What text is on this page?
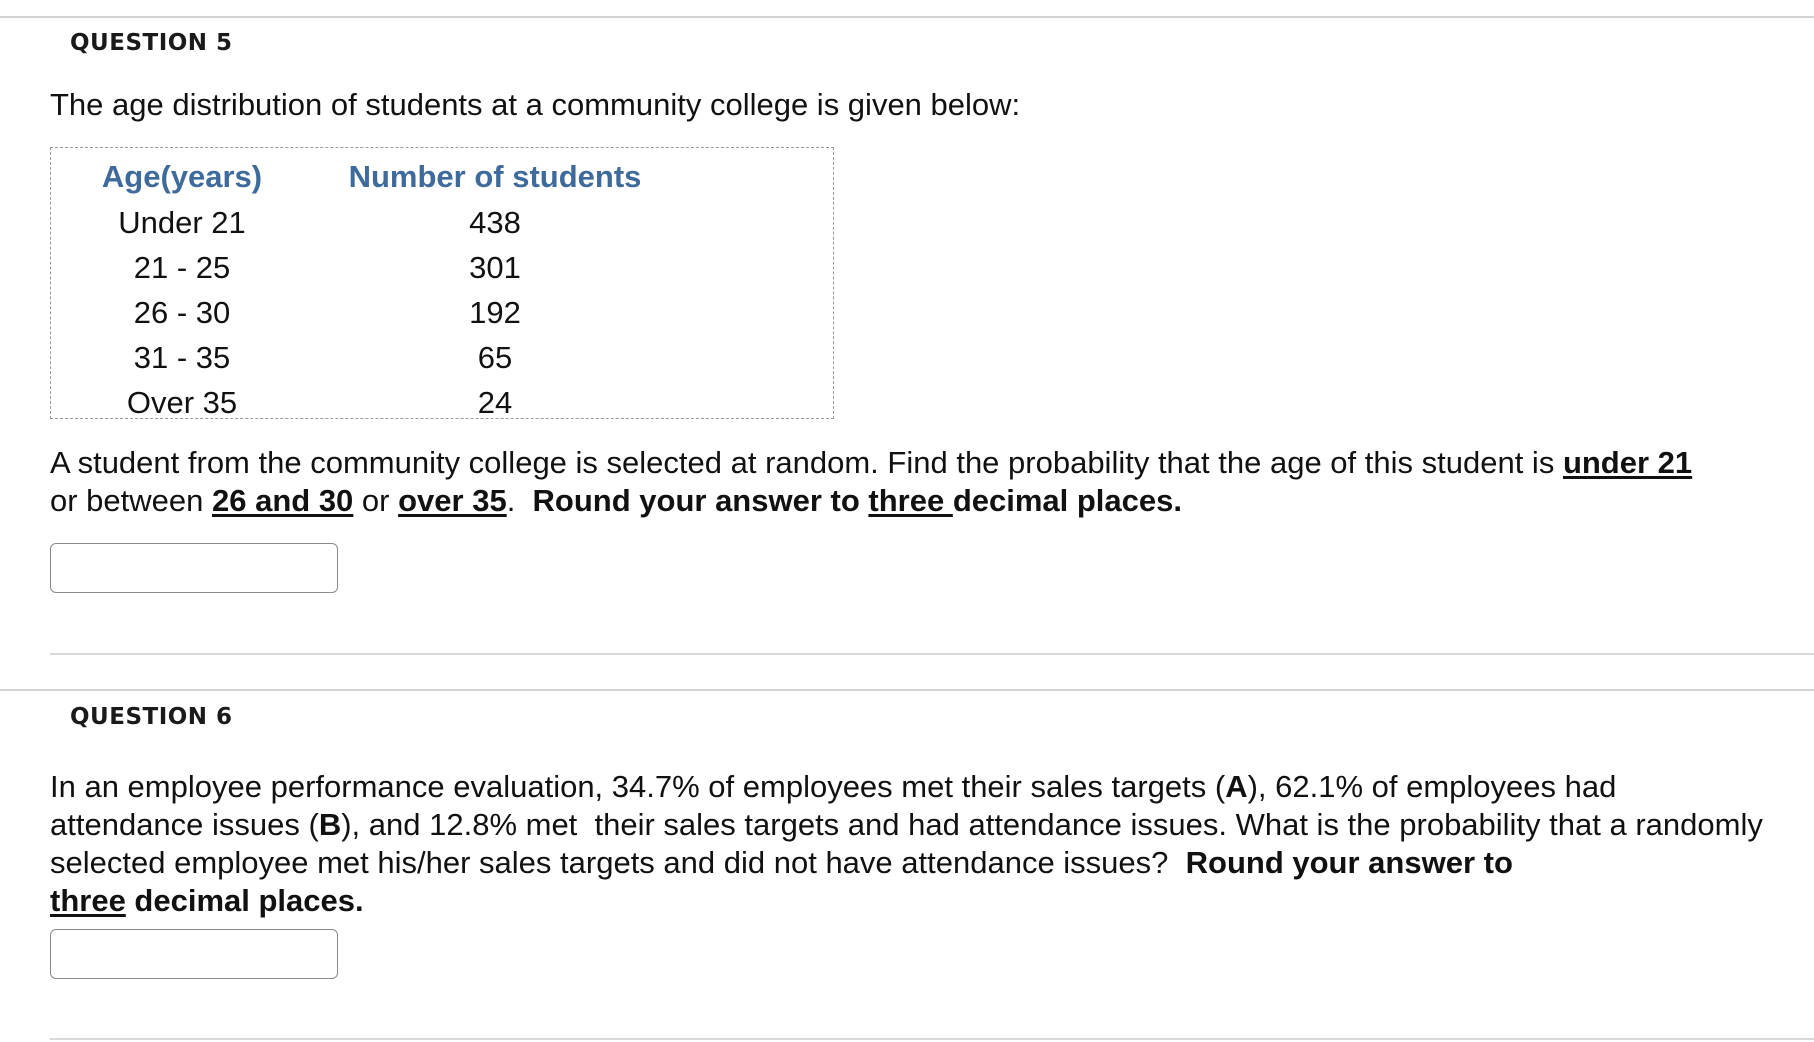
QUESTION 5
The age distribution of students at a community college is given below:
Age(years)	Number of students
Under 21	438
21 - 25	301
26 - 30	192
31 - 35	65
Over 35	24
A student from the community college is selected at random. Find the probability that the age of this student is under 21
or between 26 and 30 or over 35.  Round your answer to three decimal places.
QUESTION 6
In an employee performance evaluation, 34.7% of employees met their sales targets (A), 62.1% of employees had attendance issues (B), and 12.8% met  their sales targets and had attendance issues. What is the probability that a randomly selected employee met his/her sales targets and did not have attendance issues?  Round your answer to
three decimal places.
